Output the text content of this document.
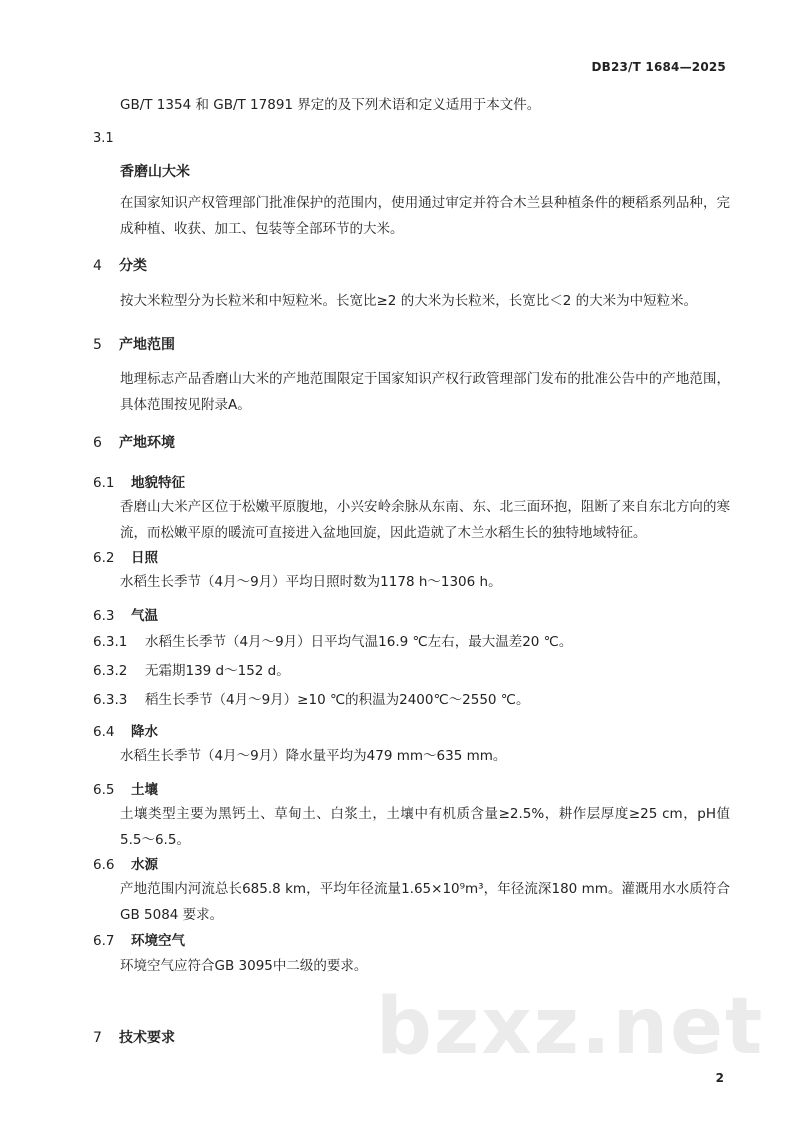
DB23/T 1684—2025
GB/T 1354 和 GB/T 17891 界定的及下列术语和定义适用于本文件。
3.1
香磨山大米
在国家知识产权管理部门批准保护的范围内，使用通过审定并符合木兰县种植条件的粳稻系列品种，完成种植、收获、加工、包装等全部环节的大米。
4 分类
按大米粒型分为长粒米和中短粒米。长宽比≥2 的大米为长粒米，长宽比＜2 的大米为中短粒米。
5 产地范围
地理标志产品香磨山大米的产地范围限定于国家知识产权行政管理部门发布的批准公告中的产地范围，具体范围按见附录A。
6 产地环境
6.1 地貌特征
香磨山大米产区位于松嫩平原腹地，小兴安岭余脉从东南、东、北三面环抱，阻断了来自东北方向的寒流，而松嫩平原的暖流可直接进入盆地回旋，因此造就了木兰水稻生长的独特地域特征。
6.2 日照
水稻生长季节（4月～9月）平均日照时数为1178 h～1306 h。
6.3 气温
6.3.1 水稻生长季节（4月～9月）日平均气温16.9 ℃左右，最大温差20 ℃。
6.3.2 无霜期139 d～152 d。
6.3.3 稻生长季节（4月～9月）≥10 ℃的积温为2400℃～2550 ℃。
6.4 降水
水稻生长季节（4月～9月）降水量平均为479 mm～635 mm。
6.5 土壤
土壤类型主要为黑钙土、草甸土、白浆土，土壤中有机质含量≥2.5%，耕作层厚度≥25 cm，pH值5.5～6.5。
6.6 水源
产地范围内河流总长685.8 km，平均年径流量1.65×10⁹m³，年径流深180 mm。灌溉用水水质符合GB 5084 要求。
6.7 环境空气
环境空气应符合GB 3095中二级的要求。
bzxz.net
7 技术要求
2
